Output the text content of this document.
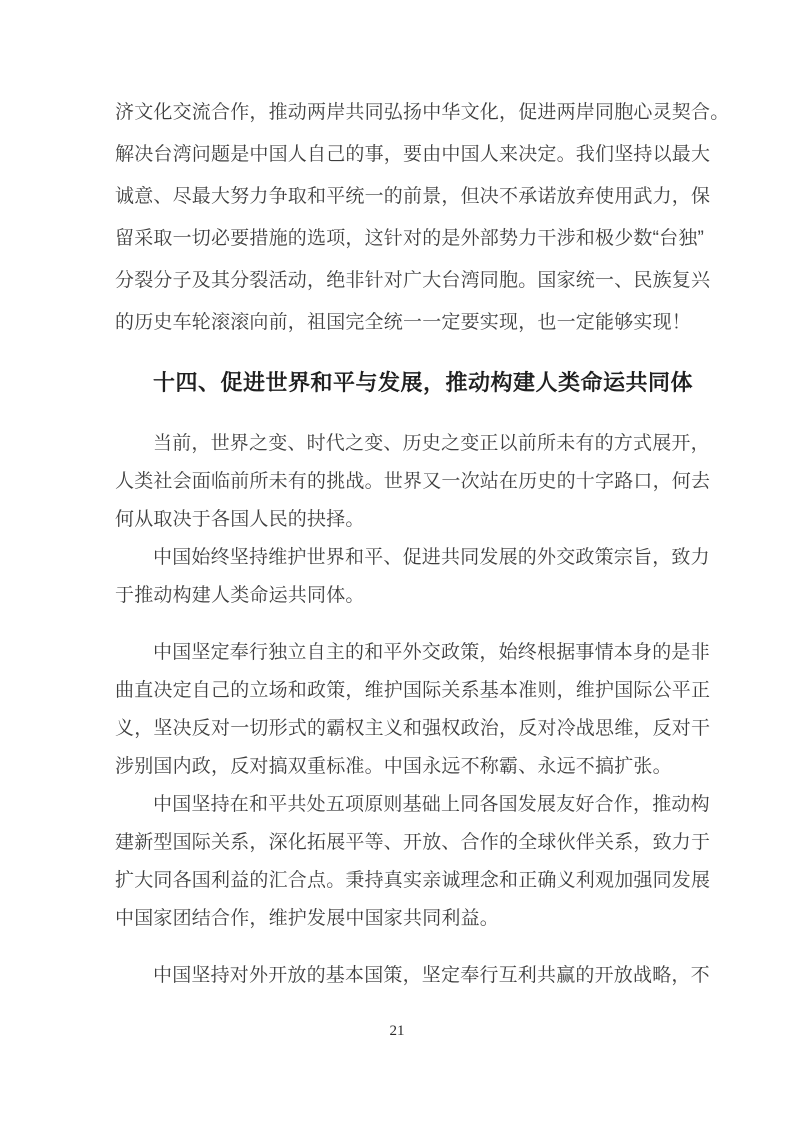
济文化交流合作，推动两岸共同弘扬中华文化，促进两岸同胞心灵契合。
解决台湾问题是中国人自己的事，要由中国人来决定。我们坚持以最大
诚意、尽最大努力争取和平统一的前景，但决不承诺放弃使用武力，保
留采取一切必要措施的选项，这针对的是外部势力干涉和极少数“台独”
分裂分子及其分裂活动，绝非针对广大台湾同胞。国家统一、民族复兴
的历史车轮滚滚向前，祖国完全统一一定要实现，也一定能够实现！
十四、促进世界和平与发展，推动构建人类命运共同体
当前，世界之变、时代之变、历史之变正以前所未有的方式展开，
人类社会面临前所未有的挑战。世界又一次站在历史的十字路口，何去
何从取决于各国人民的抉择。
中国始终坚持维护世界和平、促进共同发展的外交政策宗旨，致力
于推动构建人类命运共同体。
中国坚定奉行独立自主的和平外交政策，始终根据事情本身的是非
曲直决定自己的立场和政策，维护国际关系基本准则，维护国际公平正
义，坚决反对一切形式的霸权主义和强权政治，反对冷战思维，反对干
涉别国内政，反对搞双重标准。中国永远不称霸、永远不搞扩张。
中国坚持在和平共处五项原则基础上同各国发展友好合作，推动构
建新型国际关系，深化拓展平等、开放、合作的全球伙伴关系，致力于
扩大同各国利益的汇合点。秉持真实亲诚理念和正确义利观加强同发展
中国家团结合作，维护发展中国家共同利益。
中国坚持对外开放的基本国策，坚定奉行互利共赢的开放战略，不
21
